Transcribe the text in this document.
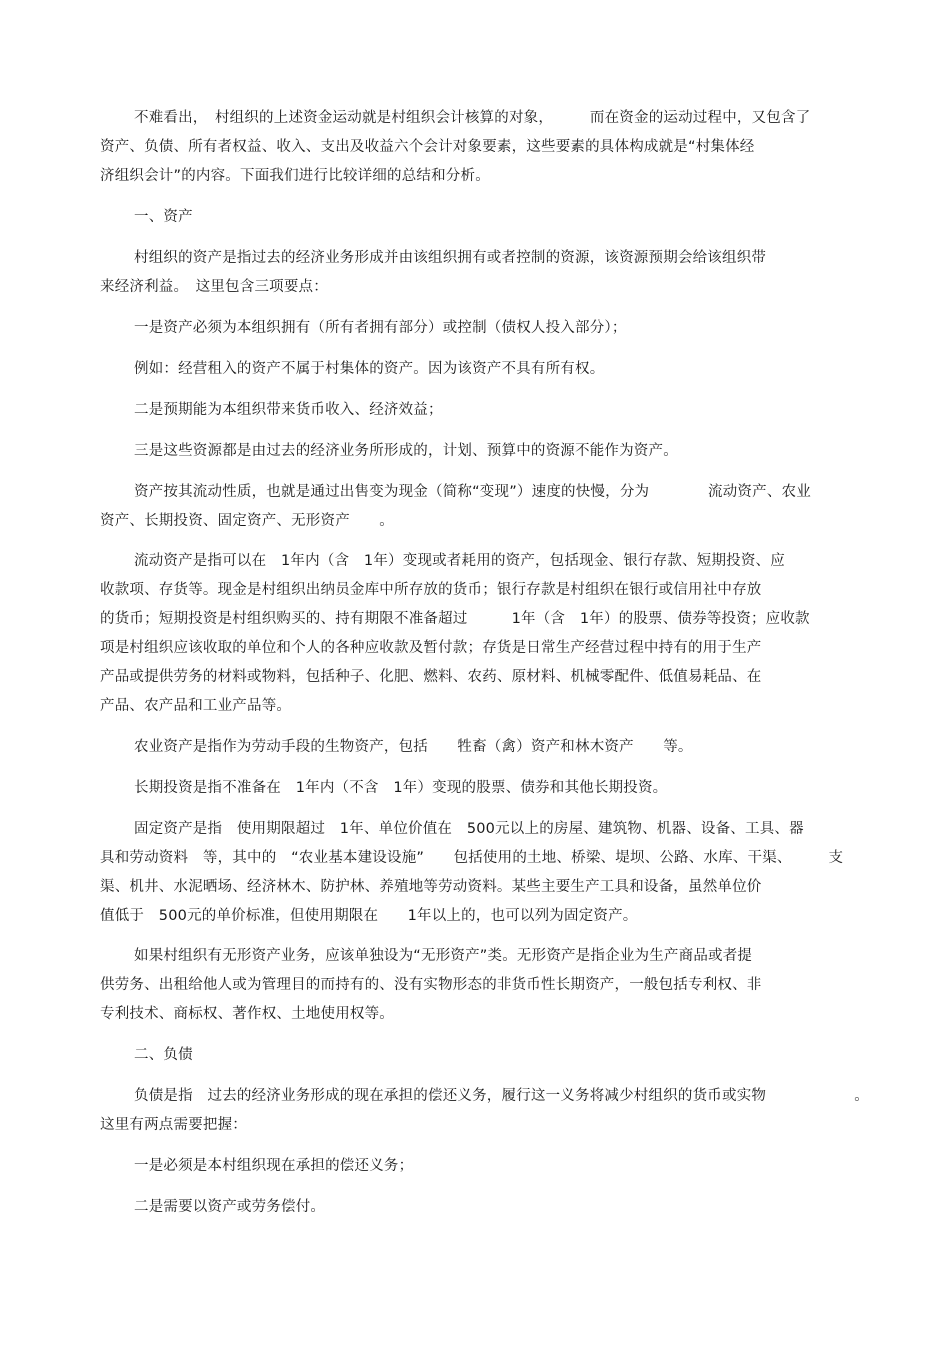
不难看出，　村组织的上述资金运动就是村组织会计核算的对象，　　　而在资金的运动过程中，又包含了
资产、负债、所有者权益、收入、支出及收益六个会计对象要素，这些要素的具体构成就是“村集体经
济组织会计”的内容。下面我们进行比较详细的总结和分析。
一、资产
村组织的资产是指过去的经济业务形成并由该组织拥有或者控制的资源，该资源预期会给该组织带
来经济利益。　这里包含三项要点：
一是资产必须为本组织拥有（所有者拥有部分）或控制（债权人投入部分）；
例如：经营租入的资产不属于村集体的资产。因为该资产不具有所有权。
二是预期能为本组织带来货币收入、经济效益；
三是这些资源都是由过去的经济业务所形成的，计划、预算中的资源不能作为资产。
资产按其流动性质，也就是通过出售变为现金（简称“变现”）速度的快慢，分为　　　　流动资产、农业
资产、长期投资、固定资产、无形资产　　。
流动资产是指可以在　1年内（含　1年）变现或者耗用的资产，包括现金、银行存款、短期投资、应
收款项、存货等。现金是村组织出纳员金库中所存放的货币；银行存款是村组织在银行或信用社中存放
的货币；短期投资是村组织购买的、持有期限不准备超过　　　1年（含　1年）的股票、债券等投资；应收款
项是村组织应该收取的单位和个人的各种应收款及暂付款；存货是日常生产经营过程中持有的用于生产
产品或提供劳务的材料或物料，包括种子、化肥、燃料、农药、原材料、机械零配件、低值易耗品、在
产品、农产品和工业产品等。
农业资产是指作为劳动手段的生物资产，包括　　牲畜（禽）资产和林木资产　　等。
长期投资是指不准备在　1年内（不含　1年）变现的股票、债券和其他长期投资。
固定资产是指　使用期限超过　1年、单位价值在　500元以上的房屋、建筑物、机器、设备、工具、器
具和劳动资料　等，其中的　“农业基本建设设施”　　包括使用的土地、桥梁、堤坝、公路、水库、干渠、　　　支
渠、机井、水泥晒场、经济林木、防护林、养殖地等劳动资料。某些主要生产工具和设备，虽然单位价
值低于　500元的单价标准，但使用期限在　　1年以上的，也可以列为固定资产。
如果村组织有无形资产业务，应该单独设为“无形资产”类。无形资产是指企业为生产商品或者提
供劳务、出租给他人或为管理目的而持有的、没有实物形态的非货币性长期资产，一般包括专利权、非
专利技术、商标权、著作权、土地使用权等。
二、负债
负债是指　过去的经济业务形成的现在承担的偿还义务，履行这一义务将减少村组织的货币或实物　　　　　　。
这里有两点需要把握：
一是必须是本村组织现在承担的偿还义务；
二是需要以资产或劳务偿付。
